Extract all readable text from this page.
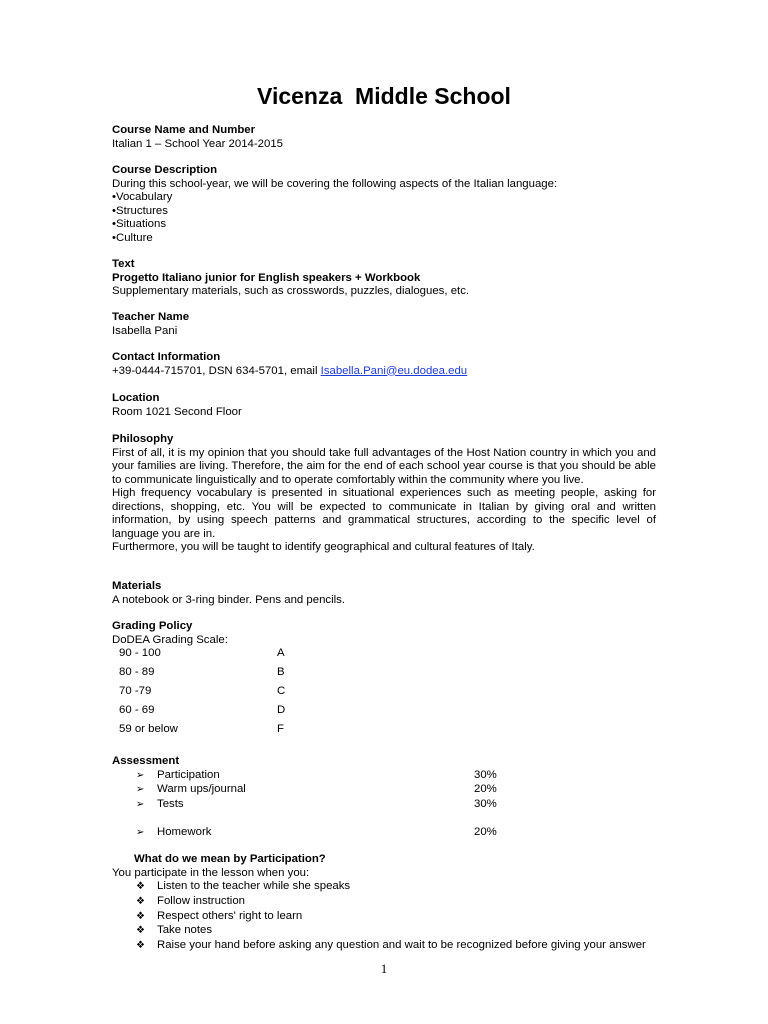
Vicenza  Middle School
Course Name and Number
Italian 1 – School Year 2014-2015
Course Description
During this school-year, we will be covering the following aspects of the Italian language:
•Vocabulary
•Structures
•Situations
•Culture
Text
Progetto Italiano junior for English speakers + Workbook
Supplementary materials, such as crosswords, puzzles, dialogues, etc.
Teacher Name
Isabella Pani
Contact Information
+39-0444-715701, DSN 634-5701, email Isabella.Pani@eu.dodea.edu
Location
Room 1021 Second Floor
Philosophy
First of all, it is my opinion that you should take full advantages of the Host Nation country in which you and your families are living. Therefore, the aim for the end of each school year course is that you should be able to communicate linguistically and to operate comfortably within the community where you live.
High frequency vocabulary is presented in situational experiences such as meeting people, asking for directions, shopping, etc. You will be expected to communicate in Italian by giving oral and written information, by using speech patterns and grammatical structures, according to the specific level of language you are in.
Furthermore, you will be taught to identify geographical and cultural features of Italy.
Materials
A notebook or 3-ring binder. Pens and pencils.
Grading Policy
DoDEA Grading Scale:
90 - 100	A
80 - 89	B
70 -79	C
60 - 69	D
59 or below	F
Assessment
➢ Participation	30%
➢ Warm ups/journal	20%
➢ Tests	30%
➢ Homework	20%
What do we mean by Participation?
You participate in the lesson when you:
❖ Listen to the teacher while she speaks
❖ Follow instruction
❖ Respect others' right to learn
❖ Take notes
❖ Raise your hand before asking any question and wait to be recognized before giving your answer
1
